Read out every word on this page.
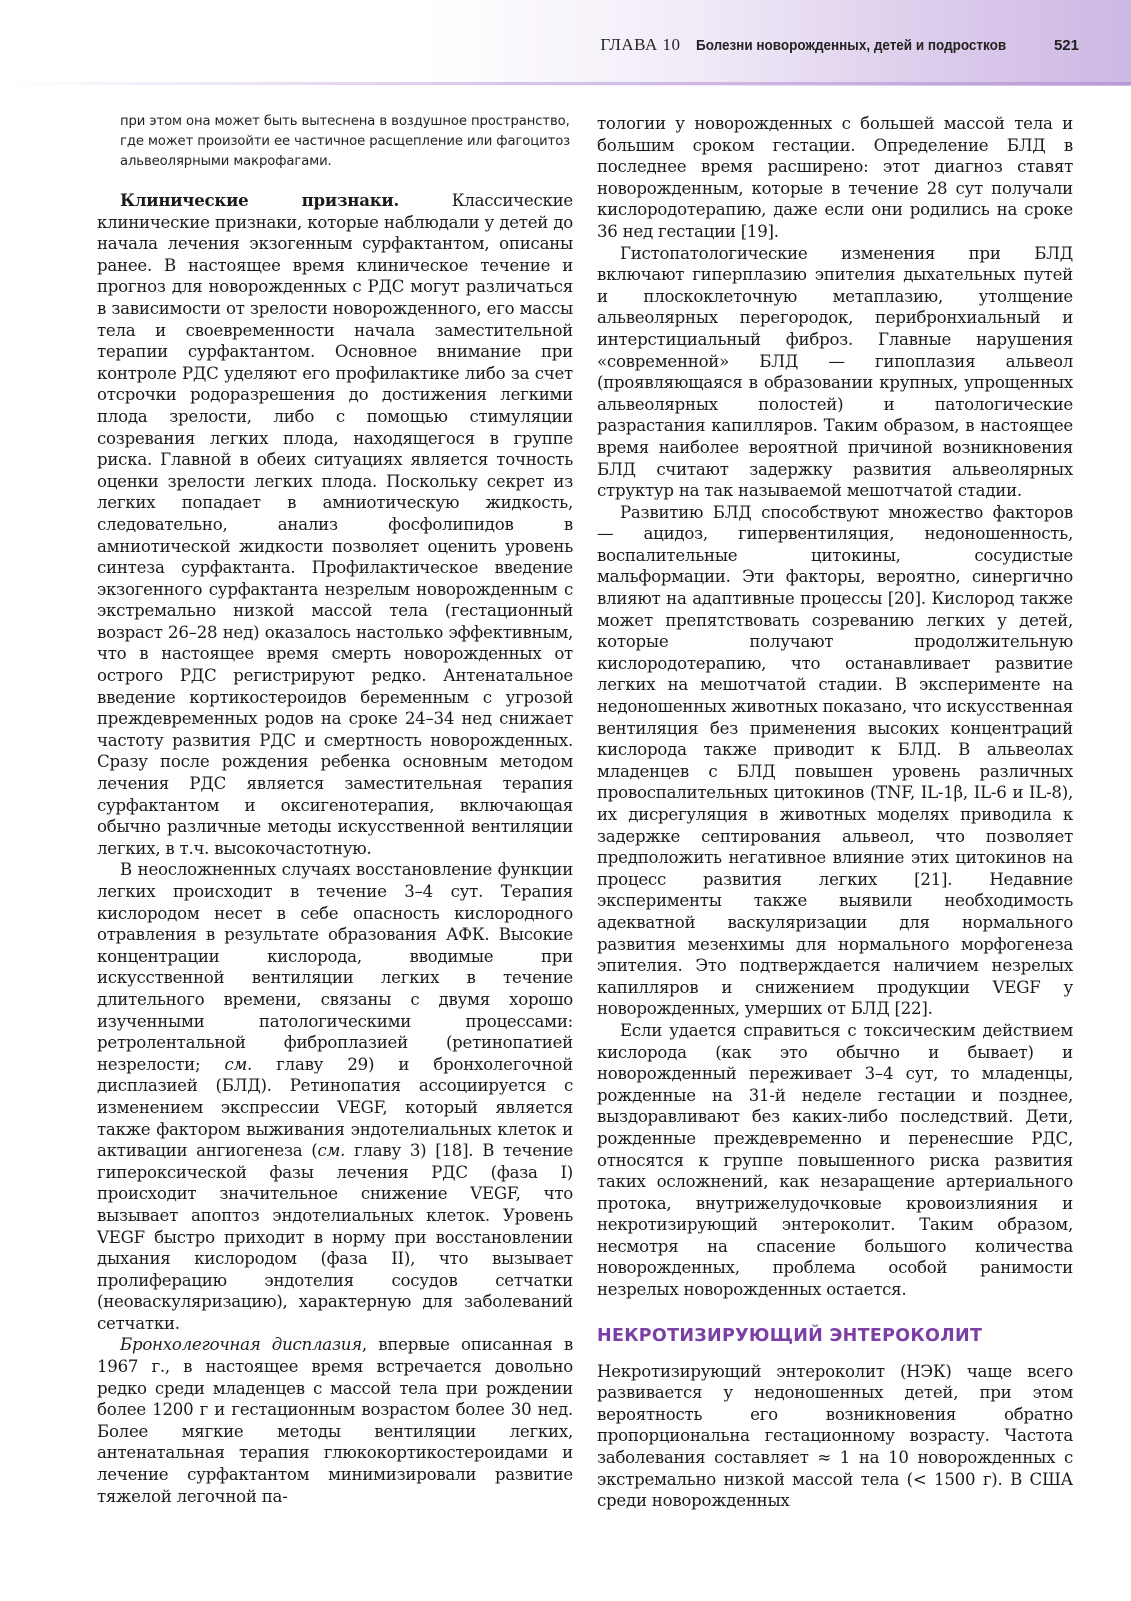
ГЛАВА 10 Болезни новорожденных, детей и подростков	521
при этом она может быть вытеснена в воздушное пространство, где может произойти ее частичное расщепление или фагоцитоз альвеолярными макрофагами.

Клинические признаки. Классические клинические признаки, которые наблюдали у детей до начала лечения экзогенным сурфактантом, описаны ранее. В настоящее время клиническое течение и прогноз для новорожденных с РДС могут различаться в зависимости от зрелости новорожденного, его массы тела и своевременности начала заместительной терапии сурфактантом. Основное внимание при контроле РДС уделяют его профилактике либо за счет отсрочки родоразрешения до достижения легкими плода зрелости, либо с помощью стимуляции созревания легких плода, находящегося в группе риска. Главной в обеих ситуациях является точность оценки зрелости легких плода. Поскольку секрет из легких попадает в амниотическую жидкость, следовательно, анализ фосфолипидов в амниотической жидкости позволяет оценить уровень синтеза сурфактанта. Профилактическое введение экзогенного сурфактанта незрелым новорожденным с экстремально низкой массой тела (гестационный возраст 26–28 нед) оказалось настолько эффективным, что в настоящее время смерть новорожденных от острого РДС регистрируют редко. Антенатальное введение кортикостероидов беременным с угрозой преждевременных родов на сроке 24–34 нед снижает частоту развития РДС и смертность новорожденных. Сразу после рождения ребенка основным методом лечения РДС является заместительная терапия сурфактантом и оксигенотерапия, включающая обычно различные методы искусственной вентиляции легких, в т.ч. высокочастотную.

В неосложненных случаях восстановление функции легких происходит в течение 3–4 сут. Терапия кислородом несет в себе опасность кислородного отравления в результате образования АФК. Высокие концентрации кислорода, вводимые при искусственной вентиляции легких в течение длительного времени, связаны с двумя хорошо изученными патологическими процессами: ретролентальной фиброплазией (ретинопатией незрелости; см. главу 29) и бронхолегочной дисплазией (БЛД). Ретинопатия ассоциируется с изменением экспрессии VEGF, который является также фактором выживания эндотелиальных клеток и активации ангиогенеза (см. главу 3) [18]. В течение гипероксической фазы лечения РДС (фаза I) происходит значительное снижение VEGF, что вызывает апоптоз эндотелиальных клеток. Уровень VEGF быстро приходит в норму при восстановлении дыхания кислородом (фаза II), что вызывает пролиферацию эндотелия сосудов сетчатки (неоваскуляризацию), характерную для заболеваний сетчатки.

Бронхолегочная дисплазия, впервые описанная в 1967 г., в настоящее время встречается довольно редко среди младенцев с массой тела при рождении более 1200 г и гестационным возрастом более 30 нед. Более мягкие методы вентиляции легких, антенатальная терапия глюкокортикостероидами и лечение сурфактантом минимизировали развитие тяжелой легочной па-

тологии у новорожденных с большей массой тела и большим сроком гестации. Определение БЛД в последнее время расширено: этот диагноз ставят новорожденным, которые в течение 28 сут получали кислородотерапию, даже если они родились на сроке 36 нед гестации [19].

Гистопатологические изменения при БЛД включают гиперплазию эпителия дыхательных путей и плоскоклеточную метаплазию, утолщение альвеолярных перегородок, перибронхиальный и интерстициальный фиброз. Главные нарушения «современной» БЛД — гипоплазия альвеол (проявляющаяся в образовании крупных, упрощенных альвеолярных полостей) и патологические разрастания капилляров. Таким образом, в настоящее время наиболее вероятной причиной возникновения БЛД считают задержку развития альвеолярных структур на так называемой мешотчатой стадии.

Развитию БЛД способствуют множество факторов — ацидоз, гипервентиляция, недоношенность, воспалительные цитокины, сосудистые мальформации. Эти факторы, вероятно, синергично влияют на адаптивные процессы [20]. Кислород также может препятствовать созреванию легких у детей, которые получают продолжительную кислородотерапию, что останавливает развитие легких на мешотчатой стадии. В эксперименте на недоношенных животных показано, что искусственная вентиляция без применения высоких концентраций кислорода также приводит к БЛД. В альвеолах младенцев с БЛД повышен уровень различных провоспалительных цитокинов (TNF, IL-1β, IL-6 и IL-8), их дисрегуляция в животных моделях приводила к задержке септирования альвеол, что позволяет предположить негативное влияние этих цитокинов на процесс развития легких [21]. Недавние эксперименты также выявили необходимость адекватной васкуляризации для нормального развития мезенхимы для нормального морфогенеза эпителия. Это подтверждается наличием незрелых капилляров и снижением продукции VEGF у новорожденных, умерших от БЛД [22].

Если удается справиться с токсическим действием кислорода (как это обычно и бывает) и новорожденный переживает 3–4 сут, то младенцы, рожденные на 31-й неделе гестации и позднее, выздоравливают без каких-либо последствий. Дети, рожденные преждевременно и перенесшие РДС, относятся к группе повышенного риска развития таких осложнений, как незаращение артериального протока, внутрижелудочковые кровоизлияния и некротизирующий энтероколит. Таким образом, несмотря на спасение большого количества новорожденных, проблема особой ранимости незрелых новорожденных остается.

НЕКРОТИЗИРУЮЩИЙ ЭНТЕРОКОЛИТ

Некротизирующий энтероколит (НЭК) чаще всего развивается у недоношенных детей, при этом вероятность его возникновения обратно пропорциональна гестационному возрасту. Частота заболевания составляет ≈ 1 на 10 новорожденных с экстремально низкой массой тела (< 1500 г). В США среди новорожденных
